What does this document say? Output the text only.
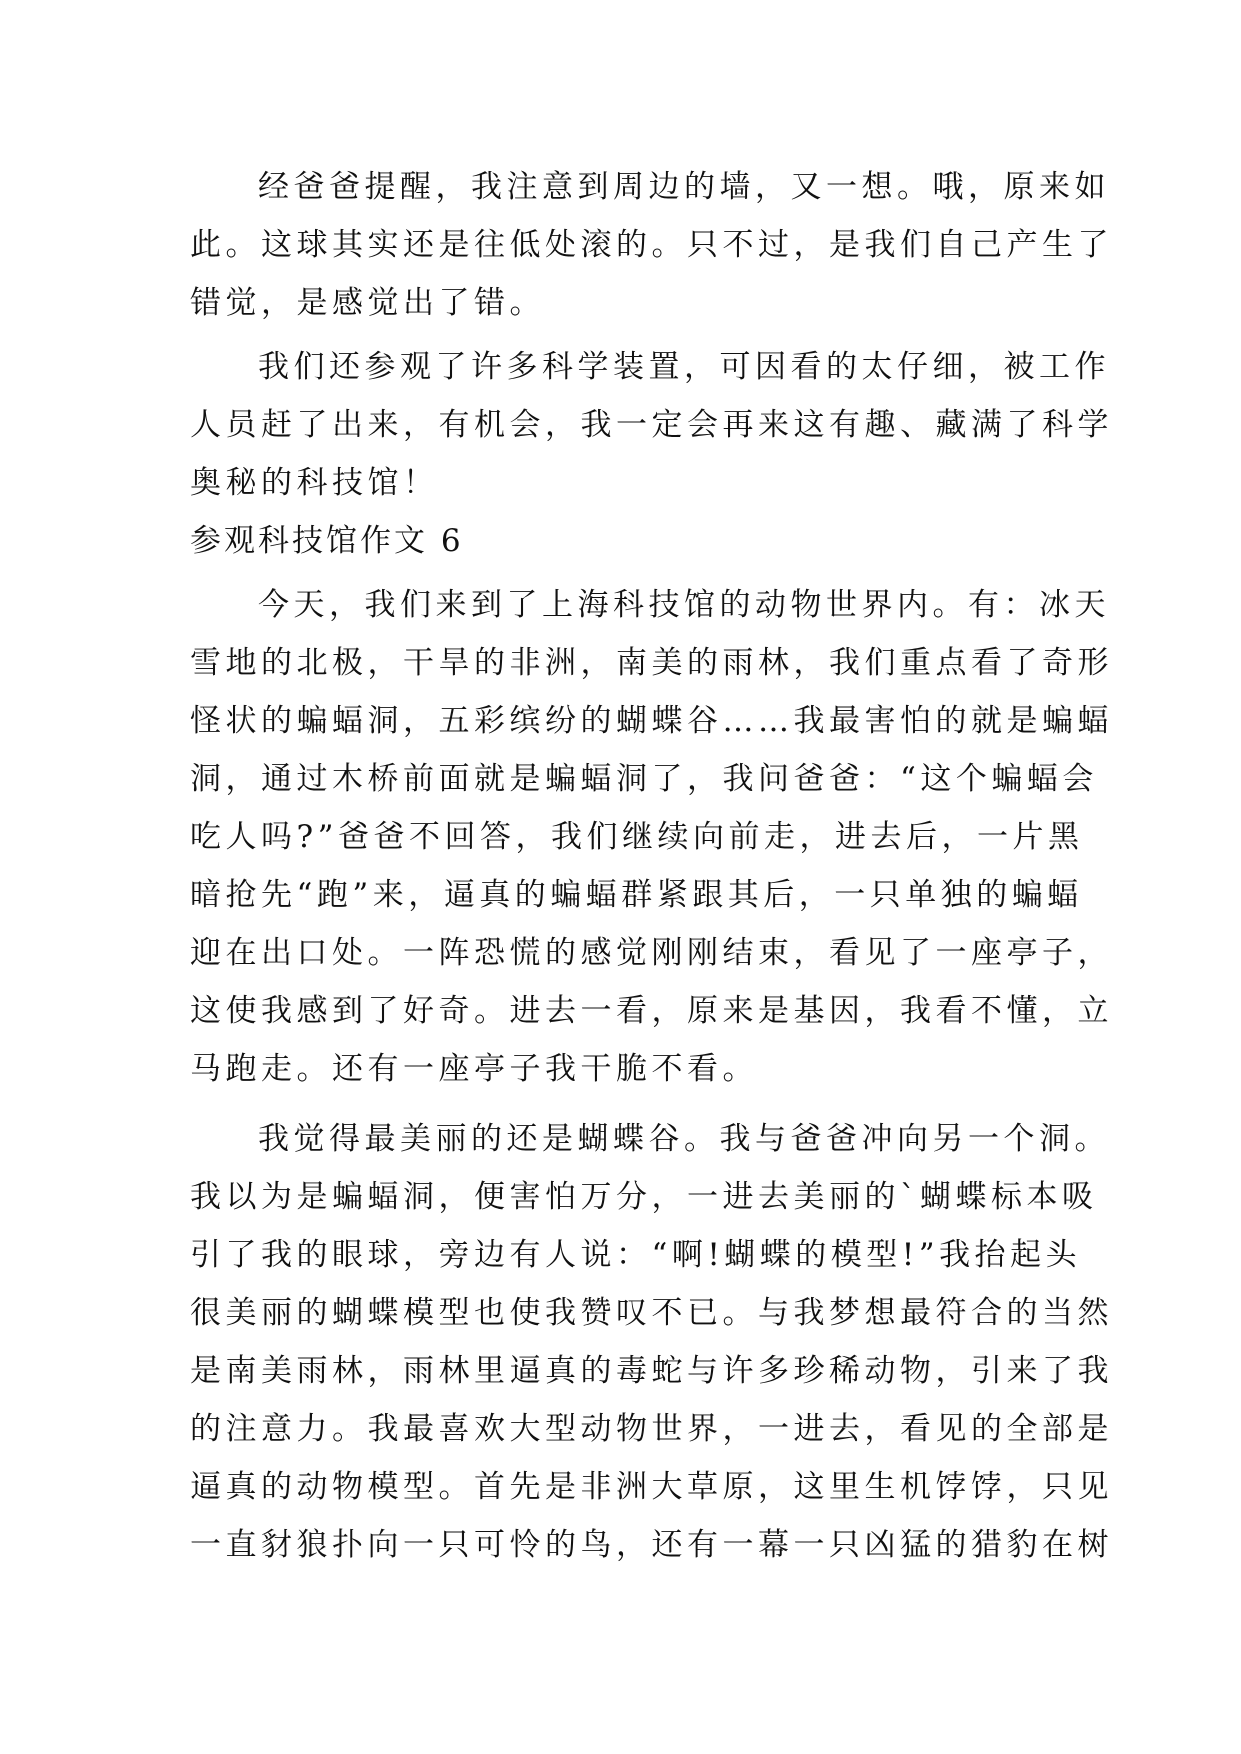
经爸爸提醒，我注意到周边的墙，又一想。哦，原来如
此。这球其实还是往低处滚的。只不过，是我们自己产生了
错觉，是感觉出了错。
我们还参观了许多科学装置，可因看的太仔细，被工作
人员赶了出来，有机会，我一定会再来这有趣、藏满了科学
奥秘的科技馆！
参观科技馆作文 6
今天，我们来到了上海科技馆的动物世界内。有：冰天
雪地的北极，干旱的非洲，南美的雨林，我们重点看了奇形
怪状的蝙蝠洞，五彩缤纷的蝴蝶谷……我最害怕的就是蝙蝠
洞，通过木桥前面就是蝙蝠洞了，我问爸爸：“这个蝙蝠会
吃人吗?”爸爸不回答，我们继续向前走，进去后，一片黑
暗抢先“跑”来，逼真的蝙蝠群紧跟其后，一只单独的蝙蝠
迎在出口处。一阵恐慌的感觉刚刚结束，看见了一座亭子，
这使我感到了好奇。进去一看，原来是基因，我看不懂，立
马跑走。还有一座亭子我干脆不看。
我觉得最美丽的还是蝴蝶谷。我与爸爸冲向另一个洞。
我以为是蝙蝠洞，便害怕万分，一进去美丽的`蝴蝶标本吸
引了我的眼球，旁边有人说：“啊!蝴蝶的模型!”我抬起头
很美丽的蝴蝶模型也使我赞叹不已。与我梦想最符合的当然
是南美雨林，雨林里逼真的毒蛇与许多珍稀动物，引来了我
的注意力。我最喜欢大型动物世界，一进去，看见的全部是
逼真的动物模型。首先是非洲大草原，这里生机饽饽，只见
一直豺狼扑向一只可怜的鸟，还有一幕一只凶猛的猎豹在树
